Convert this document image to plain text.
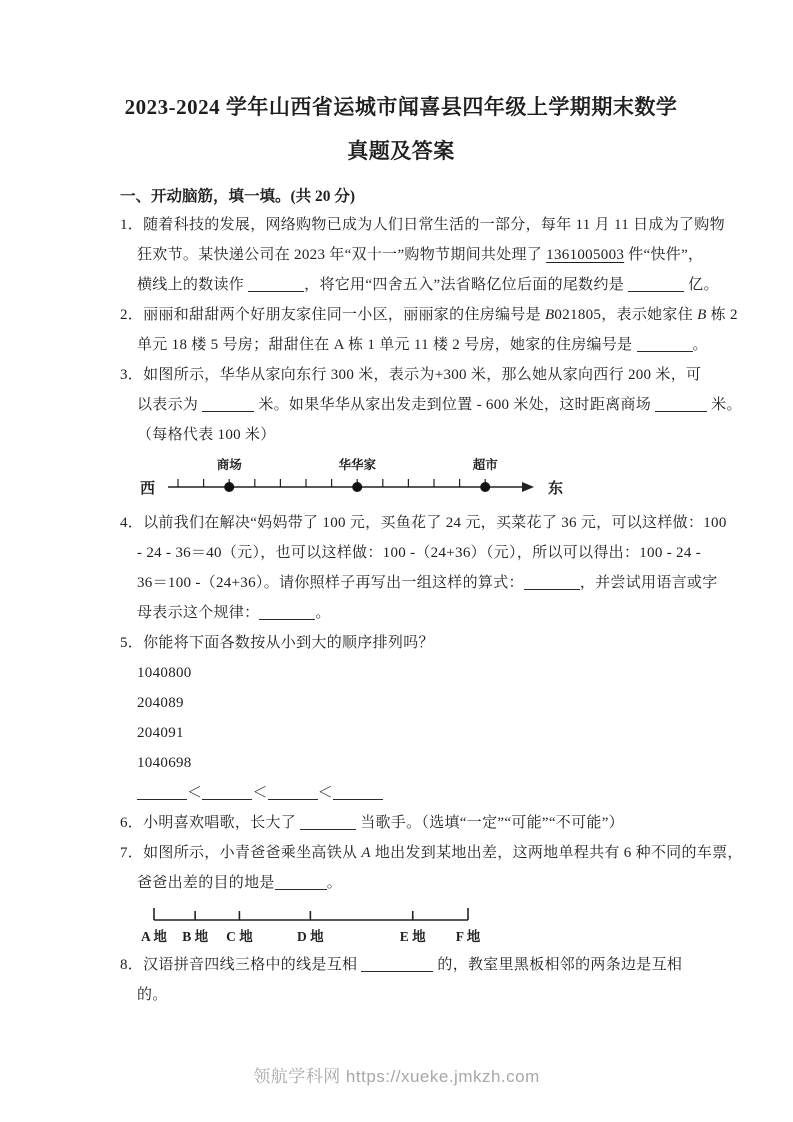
2023-2024 学年山西省运城市闻喜县四年级上学期期末数学
真题及答案
一、开动脑筋，填一填。(共 20 分)
1．随着科技的发展，网络购物已成为人们日常生活的一部分，每年 11 月 11 日成为了购物
狂欢节。某快递公司在 2023 年“双十一”购物节期间共处理了 1361005003 件“快件”，
横线上的数读作	，将它用“四舍五入”法省略亿位后面的尾数约是	亿。
2．丽丽和甜甜两个好朋友家住同一小区，丽丽家的住房编号是 B021805，表示她家住 B 栋 2
单元 18 楼 5 号房；甜甜住在 A 栋 1 单元 11 楼 2 号房，她家的住房编号是	。
3．如图所示，华华从家向东行 300 米，表示为+300 米，那么她从家向西行 200 米，可
以表示为	米。如果华华从家出发走到位置 - 600 米处，这时距离商场	米。
（每格代表 100 米）
西
商场	华华家	超市
东
4．以前我们在解决“妈妈带了 100 元，买鱼花了 24 元，买菜花了 36 元，可以这样做：100
- 24 - 36＝40（元），也可以这样做：100 -（24+36）（元），所以可以得出：100 - 24 -
36＝100 -（24+36）。请你照样子再写出一组这样的算式：	，并尝试用语言或字
母表示这个规律：	。
5．你能将下面各数按从小到大的顺序排列吗？
1040800
204089
204091
1040698
＜	＜	＜
6．小明喜欢唱歌，长大了	当歌手。（选填“一定”“可能”“不可能”）
7．如图所示，小青爸爸乘坐高铁从 A 地出发到某地出差，这两地单程共有 6 种不同的车票，
爸爸出差的目的地是	。
A 地 B 地 C 地	D 地	E 地 F 地
8．汉语拼音四线三格中的线是互相	的，教室里黑板相邻的两条边是互相
的。
领航学科网 https://xueke.jmkzh.com
